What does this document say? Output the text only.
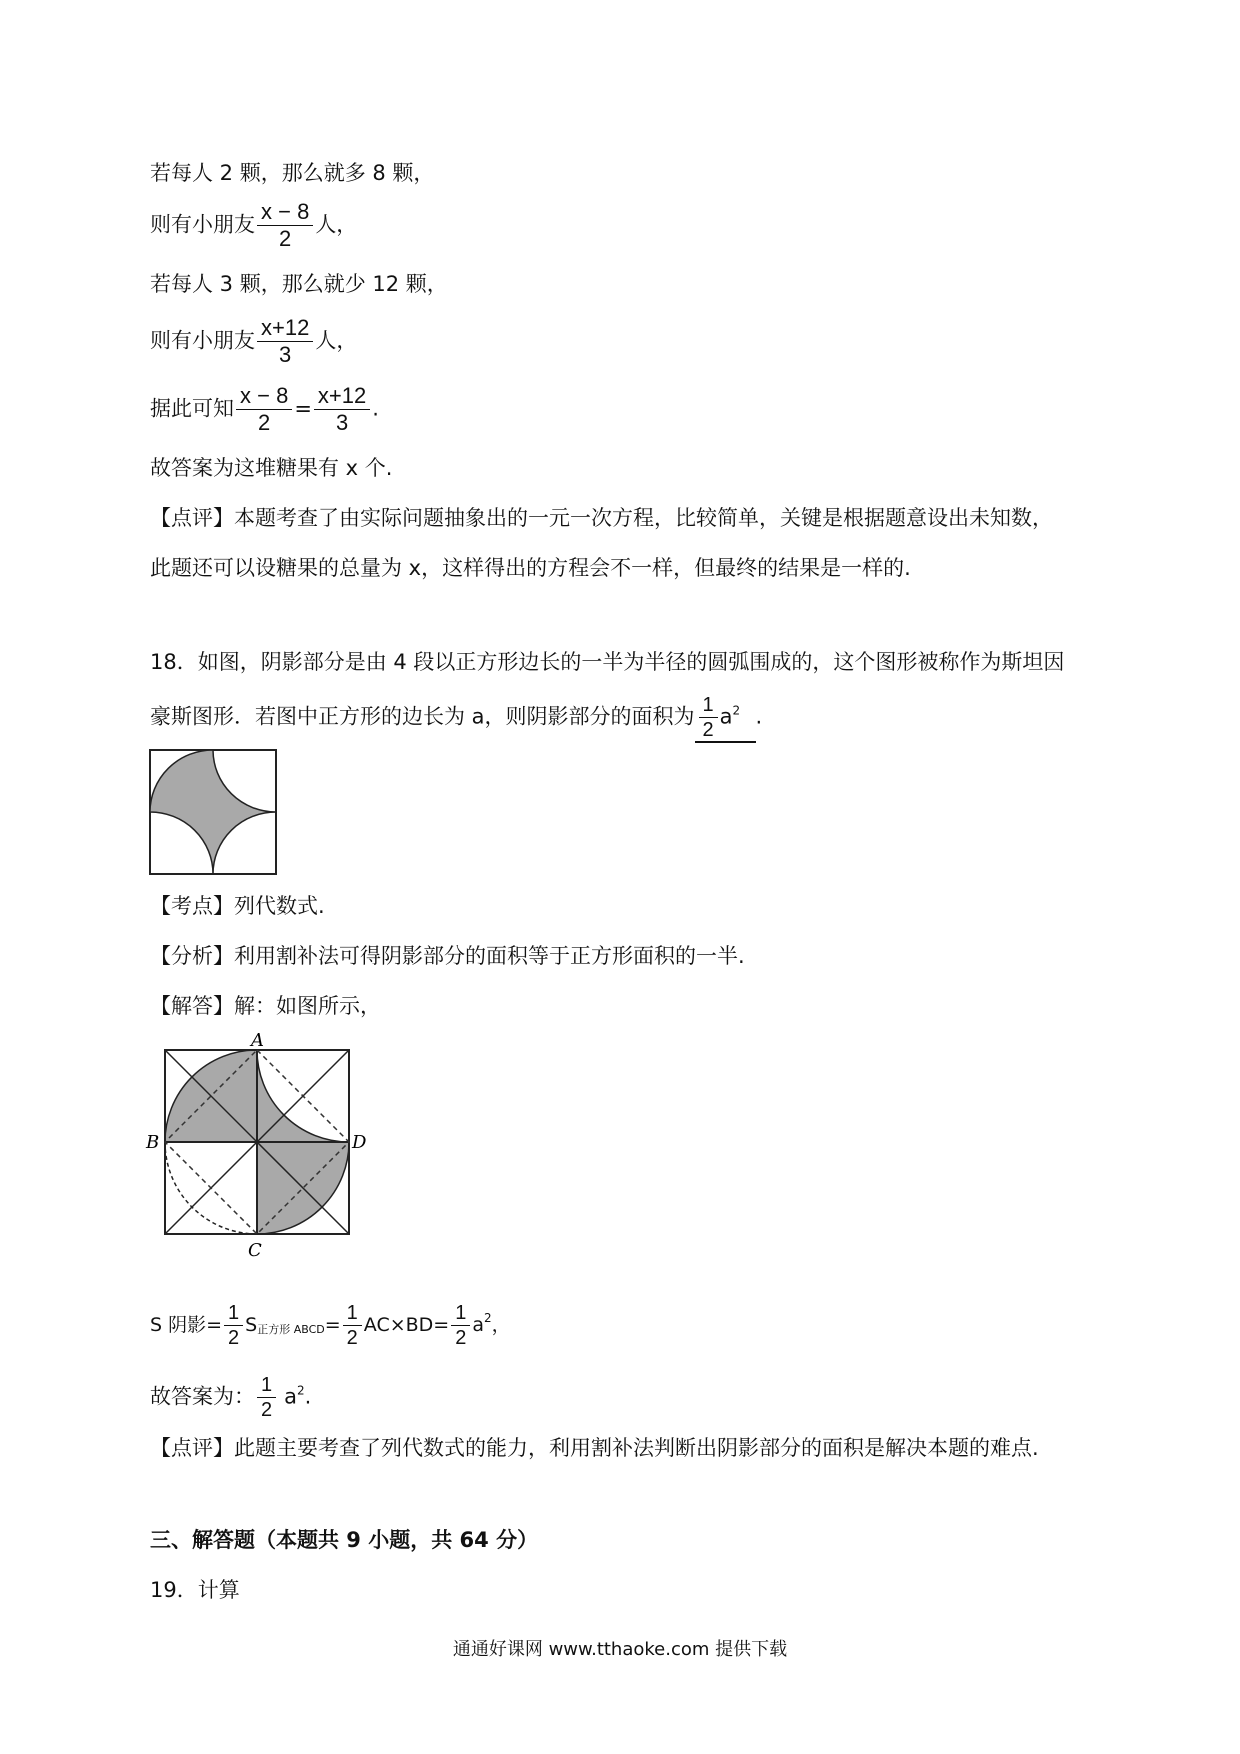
若每人 2 颗，那么就多 8 颗，
则有小朋友 $\frac{x - 8}{2}$ 人，
若每人 3 颗，那么就少 12 颗，
则有小朋友 $\frac{x+12}{3}$ 人，
据此可知 $\frac{x - 8}{2} = \frac{x+12}{3}$ .
故答案为这堆糖果有 x 个.
【点评】本题考查了由实际问题抽象出的一元一次方程，比较简单，关键是根据题意设出未知数，
此题还可以设糖果的总量为 x，这样得出的方程会不一样，但最终的结果是一样的.
18．如图，阴影部分是由 4 段以正方形边长的一半为半径的圆弧围成的，这个图形被称作为斯坦因
豪斯图形．若图中正方形的边长为 a，则阴影部分的面积为 $\frac{1}{2} a^2$ .
【考点】列代数式.
【分析】利用割补法可得阴影部分的面积等于正方形面积的一半.
【解答】解：如图所示，
A
B	D
C
S 阴影= $\frac{1}{2}$ S正方形 ABCD= $\frac{1}{2} AC\times BD= \frac{1}{2} a^2$，
故答案为： $\frac{1}{2} a^2$.
【点评】此题主要考查了列代数式的能力，利用割补法判断出阴影部分的面积是解决本题的难点.
三、解答题（本题共 9 小题，共 64 分）
19．计算
通通好课网 www.tthaoke.com 提供下载
